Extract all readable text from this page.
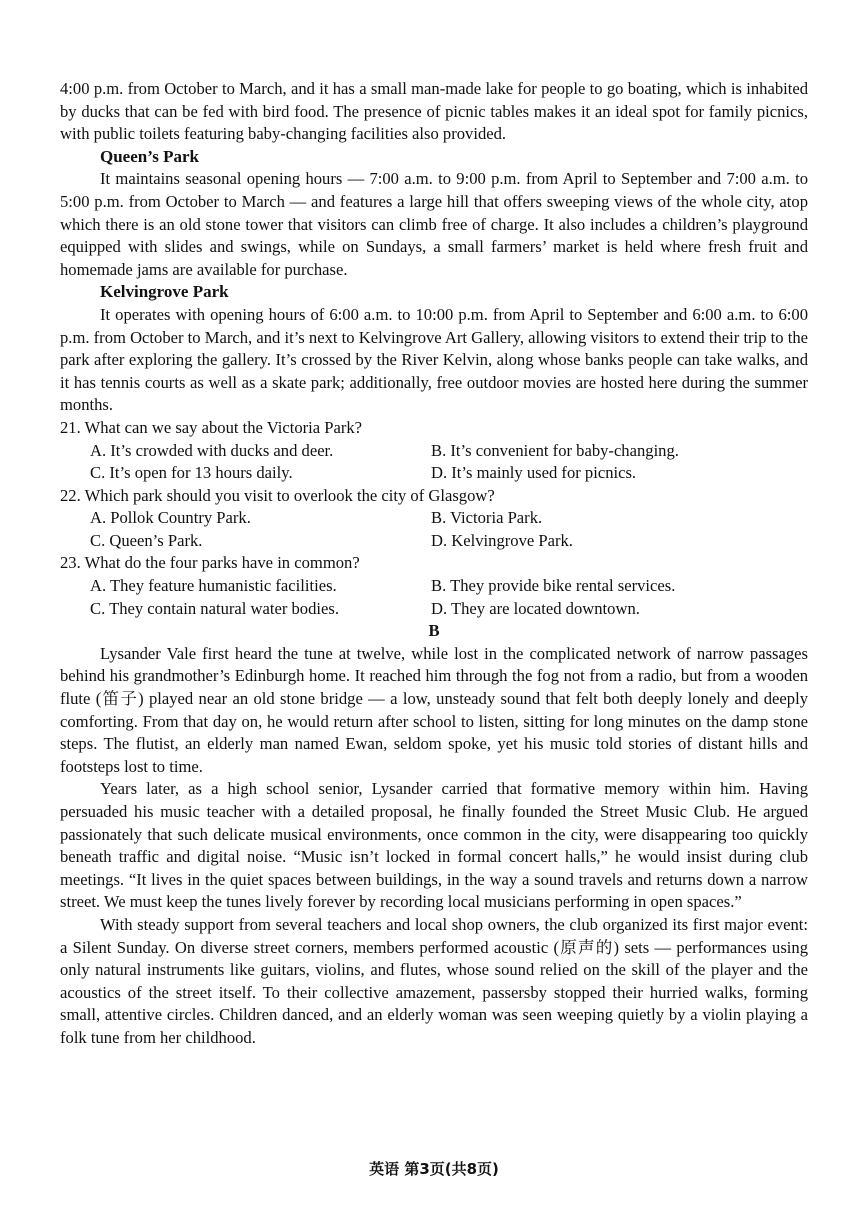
4:00 p.m. from October to March, and it has a small man-made lake for people to go boating, which is inhabited by ducks that can be fed with bird food. The presence of picnic tables makes it an ideal spot for family picnics, with public toilets featuring baby-changing facilities also provided.

Queen’s Park

It maintains seasonal opening hours — 7:00 a.m. to 9:00 p.m. from April to September and 7:00 a.m. to 5:00 p.m. from October to March — and features a large hill that offers sweeping views of the whole city, atop which there is an old stone tower that visitors can climb free of charge. It also includes a children’s playground equipped with slides and swings, while on Sundays, a small farmers’ market is held where fresh fruit and homemade jams are available for purchase.

Kelvingrove Park

It operates with opening hours of 6:00 a.m. to 10:00 p.m. from April to September and 6:00 a.m. to 6:00 p.m. from October to March, and it’s next to Kelvingrove Art Gallery, allowing visitors to extend their trip to the park after exploring the gallery. It’s crossed by the River Kelvin, along whose banks people can take walks, and it has tennis courts as well as a skate park; additionally, free outdoor movies are hosted here during the summer months.

21. What can we say about the Victoria Park?

A. It’s crowded with ducks and deer.	B. It’s convenient for baby-changing.
C. It’s open for 13 hours daily.	D. It’s mainly used for picnics.

22. Which park should you visit to overlook the city of Glasgow?

A. Pollok Country Park.	B. Victoria Park.
C. Queen’s Park.	D. Kelvingrove Park.

23. What do the four parks have in common?

A. They feature humanistic facilities.	B. They provide bike rental services.
C. They contain natural water bodies.	D. They are located downtown.

B

Lysander Vale first heard the tune at twelve, while lost in the complicated network of narrow passages behind his grandmother’s Edinburgh home. It reached him through the fog not from a radio, but from a wooden flute (笛子) played near an old stone bridge — a low, unsteady sound that felt both deeply lonely and deeply comforting. From that day on, he would return after school to listen, sitting for long minutes on the damp stone steps. The flutist, an elderly man named Ewan, seldom spoke, yet his music told stories of distant hills and footsteps lost to time.

Years later, as a high school senior, Lysander carried that formative memory within him. Having persuaded his music teacher with a detailed proposal, he finally founded the Street Music Club. He argued passionately that such delicate musical environments, once common in the city, were disappearing too quickly beneath traffic and digital noise. “Music isn’t locked in formal concert halls,” he would insist during club meetings. “It lives in the quiet spaces between buildings, in the way a sound travels and returns down a narrow street. We must keep the tunes lively forever by recording local musicians performing in open spaces.”

With steady support from several teachers and local shop owners, the club organized its first major event: a Silent Sunday. On diverse street corners, members performed acoustic (原声的) sets — performances using only natural instruments like guitars, violins, and flutes, whose sound relied on the skill of the player and the acoustics of the street itself. To their collective amazement, passersby stopped their hurried walks, forming small, attentive circles. Children danced, and an elderly woman was seen weeping quietly by a violin playing a folk tune from her childhood.

英语 第3页(共8页)
